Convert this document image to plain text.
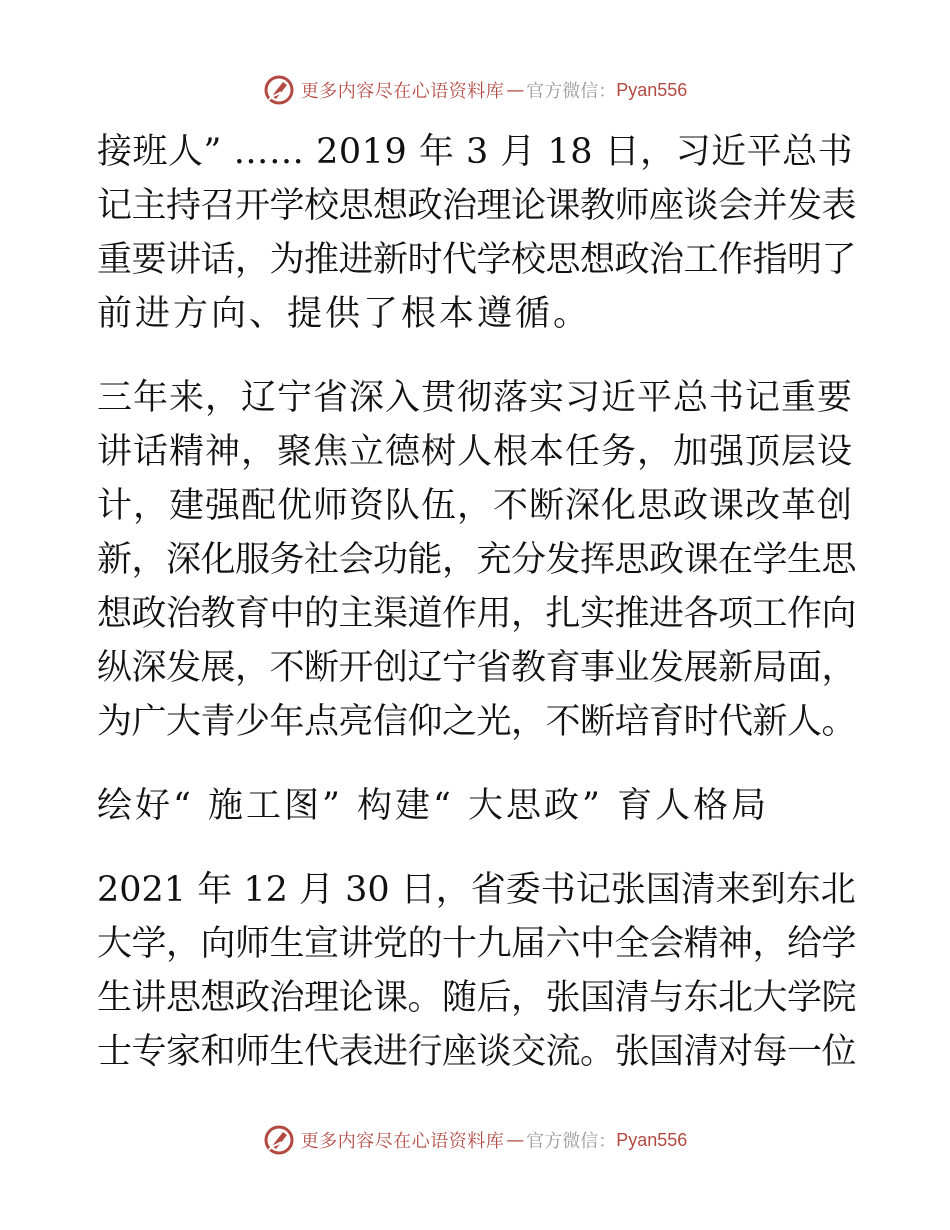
更多内容尽在心语资料库 — 官方微信： Pyan556
接班人” …… 2019 年 3 月 18 日，习近平总书
记主持召开学校思想政治理论课教师座谈会并发表
重要讲话，为推进新时代学校思想政治工作指明了
前进方向、提供了根本遵循。
三年来，辽宁省深入贯彻落实习近平总书记重要
讲话精神，聚焦立德树人根本任务，加强顶层设
计，建强配优师资队伍，不断深化思政课改革创
新，深化服务社会功能，充分发挥思政课在学生思
想政治教育中的主渠道作用，扎实推进各项工作向
纵深发展，不断开创辽宁省教育事业发展新局面，
为广大青少年点亮信仰之光，不断培育时代新人。
绘好“ 施工图” 构建“ 大思政” 育人格局
2021 年 12 月 30 日，省委书记张国清来到东北
大学，向师生宣讲党的十九届六中全会精神，给学
生讲思想政治理论课。随后，张国清与东北大学院
士专家和师生代表进行座谈交流。张国清对每一位
更多内容尽在心语资料库 — 官方微信： Pyan556
